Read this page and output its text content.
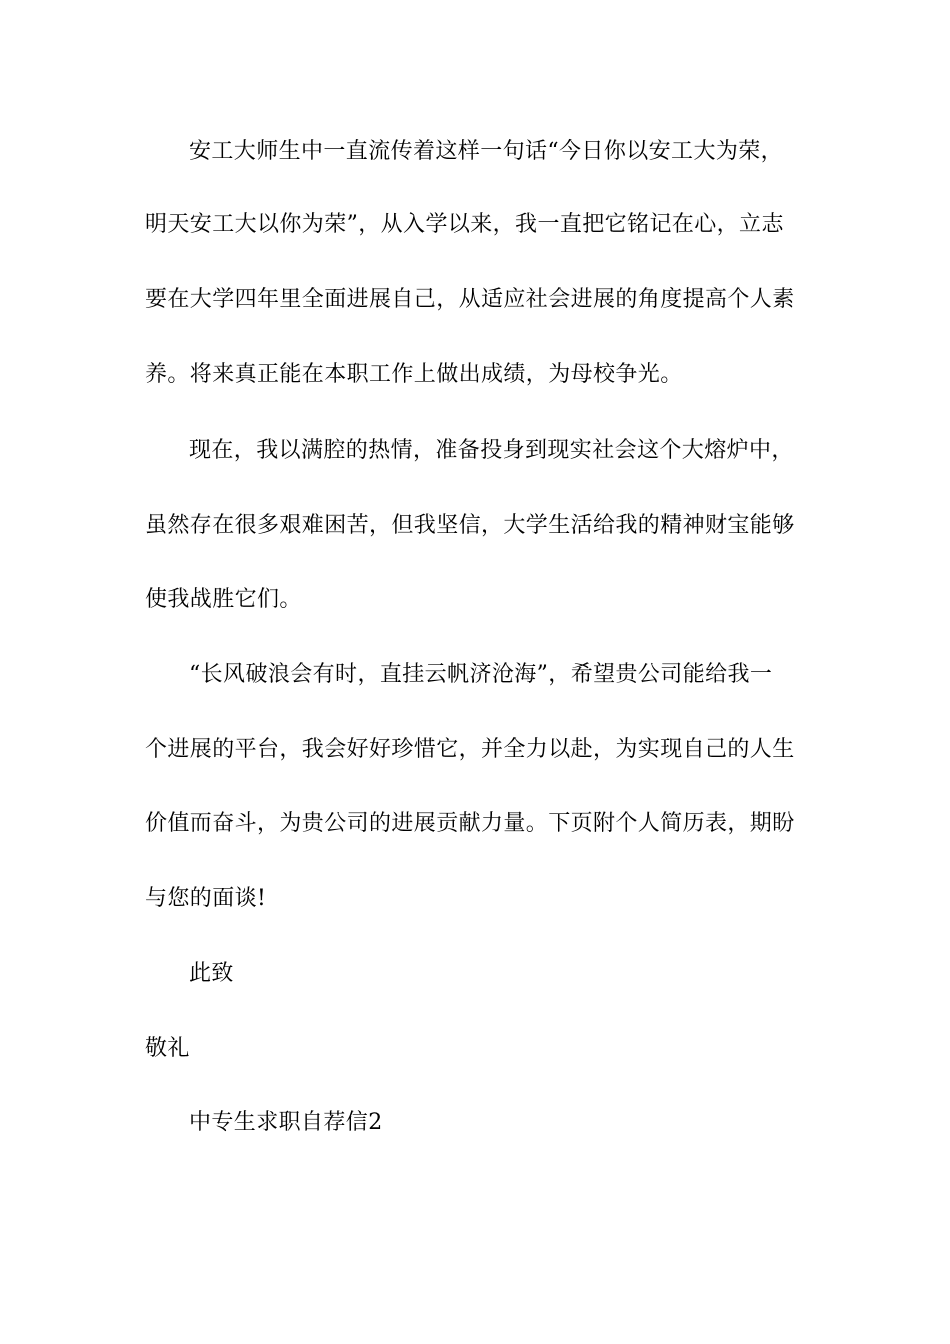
安工大师生中一直流传着这样一句话“今日你以安工大为荣，
明天安工大以你为荣”，从入学以来，我一直把它铭记在心，立志
要在大学四年里全面进展自己，从适应社会进展的角度提高个人素
养。将来真正能在本职工作上做出成绩，为母校争光。
现在，我以满腔的热情，准备投身到现实社会这个大熔炉中，
虽然存在很多艰难困苦，但我坚信，大学生活给我的精神财宝能够
使我战胜它们。
“长风破浪会有时，直挂云帆济沧海”，希望贵公司能给我一
个进展的平台，我会好好珍惜它，并全力以赴，为实现自己的人生
价值而奋斗，为贵公司的进展贡献力量。下页附个人简历表，期盼
与您的面谈!
此致
敬礼
中专生求职自荐信2
